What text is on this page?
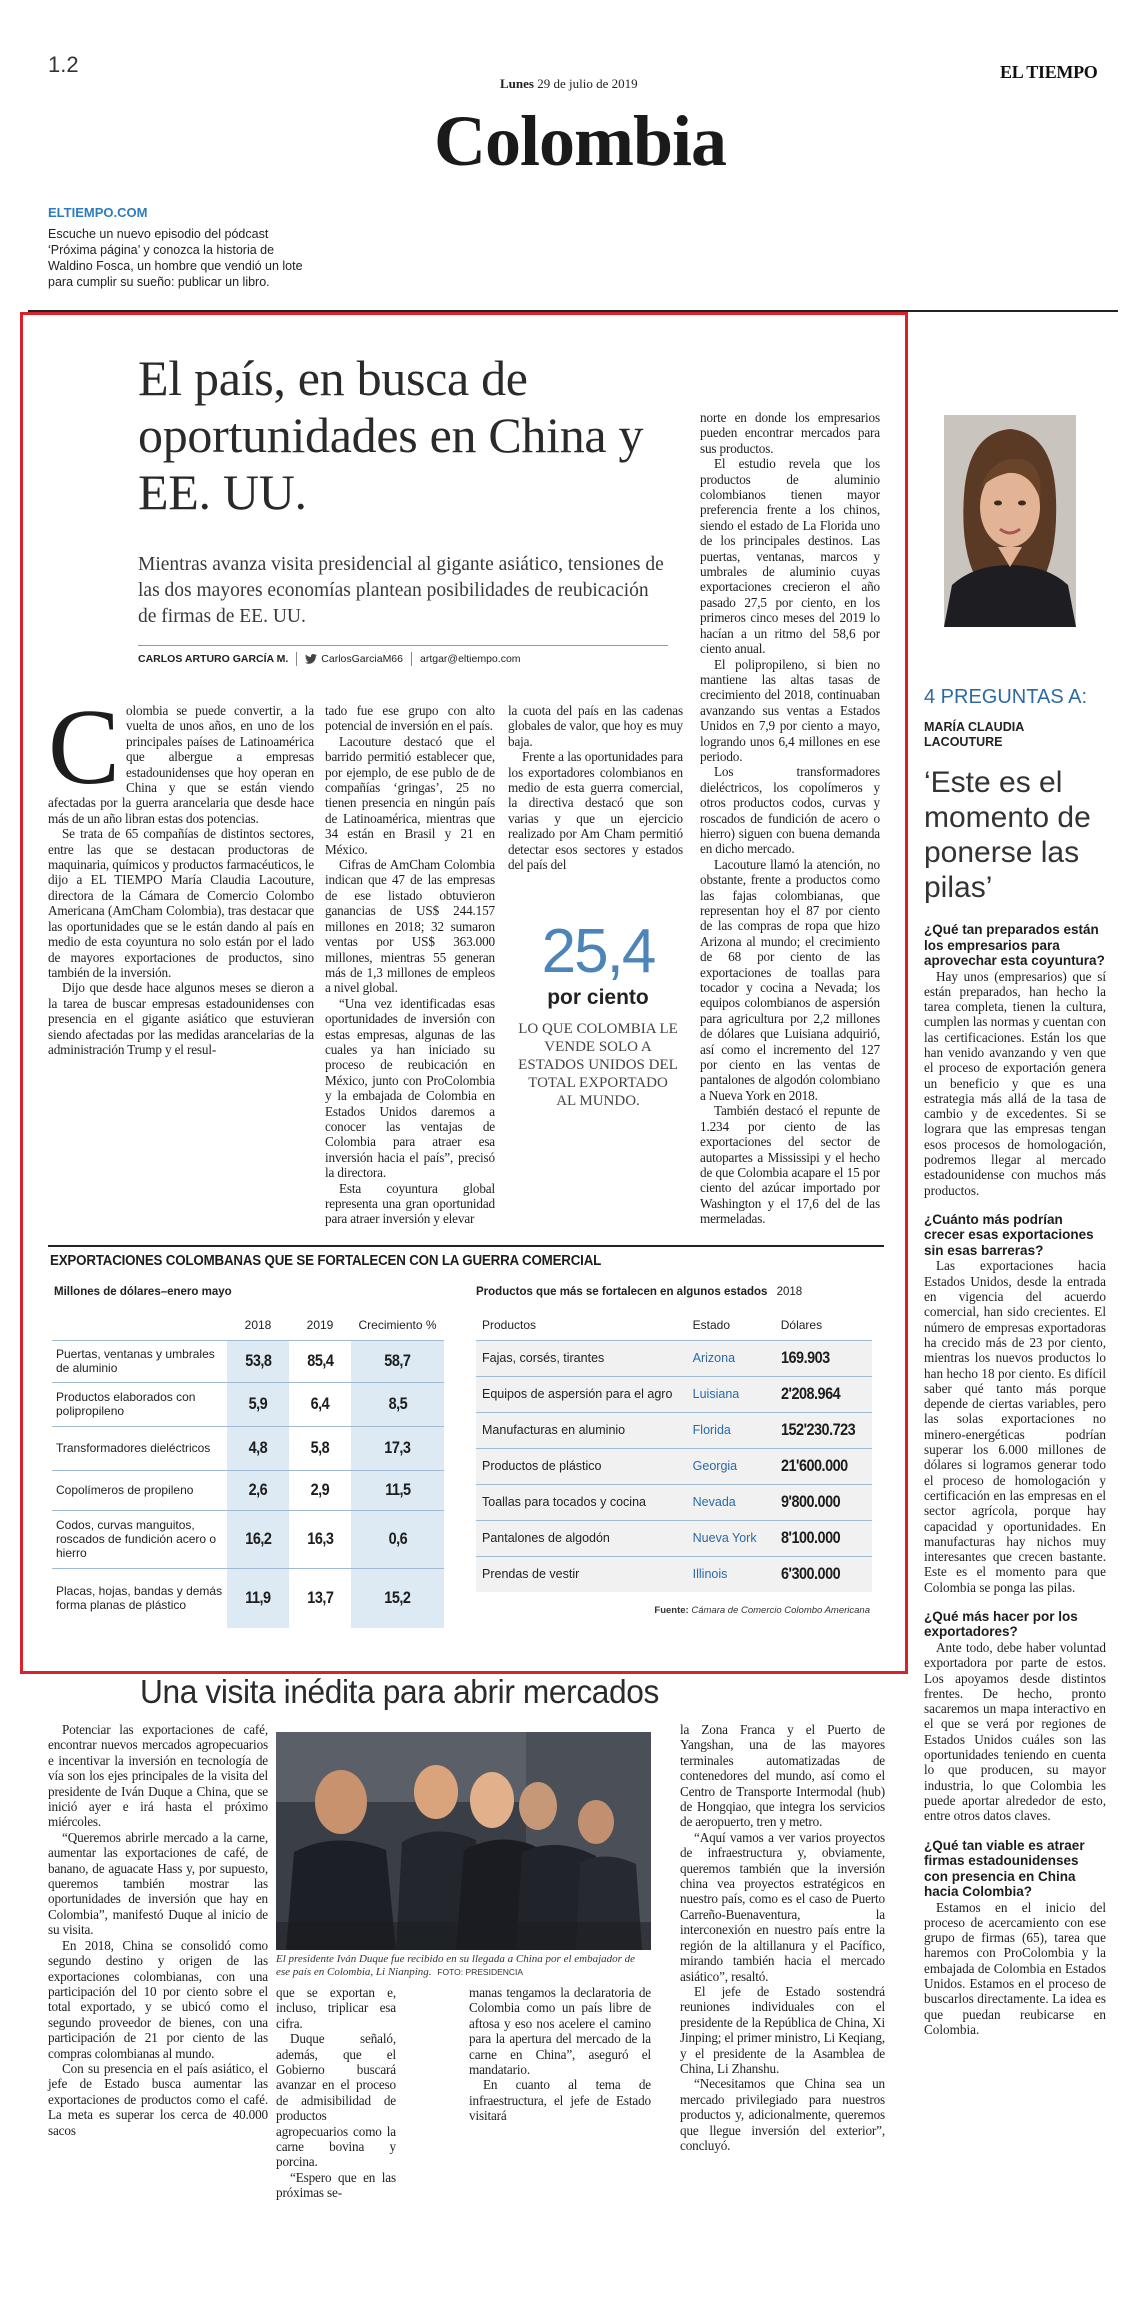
1.2
Lunes 29 de julio de 2019
EL TIEMPO
Colombia
ELTIEMPO.COM
Escuche un nuevo episodio del pódcast ‘Próxima página’ y conozca la historia de Waldino Fosca, un hombre que vendió un lote para cumplir su sueño: publicar un libro.
El país, en busca de oportunidades en China y EE. UU.
Mientras avanza visita presidencial al gigante asiático, tensiones de las dos mayores economías plantean posibilidades de reubicación de firmas de EE. UU.
CARLOS ARTURO GARCÍA M.	CarlosGarciaM66 artgar@eltiempo.com
C olombia se puede convertir, a la vuelta de unos años, en uno de los principales países de Latinoamérica que albergue a empresas estadounidenses que hoy operan en China y que se están viendo afectadas por la guerra arancelaria que desde hace más de un año libran estas dos potencias.

Se trata de 65 compañías de distintos sectores, entre las que se destacan productoras de maquinaria, químicos y productos farmacéuticos, le dijo a EL TIEMPO María Claudia Lacouture, directora de la Cámara de Comercio Colombo Americana (AmCham Colombia), tras destacar que las oportunidades que se le están dando al país en medio de esta coyuntura no solo están por el lado de mayores exportaciones de productos, sino también de la inversión.

Dijo que desde hace algunos meses se dieron a la tarea de buscar empresas estadounidenses con presencia en el gigante asiático que estuvieran siendo afectadas por las medidas arancelarias de la administración Trump y el resul-

tado fue ese grupo con alto potencial de inversión en el país.

Lacouture destacó que el barrido permitió establecer que, por ejemplo, de ese publo de de compañías ‘gringas’, 25 no tienen presencia en ningún país de Latinoamérica, mientras que 34 están en Brasil y 21 en México.

Cifras de AmCham Colombia indican que 47 de las empresas de ese listado obtuvieron ganancias de US$ 244.157 millones en 2018; 32 sumaron ventas por US$ 363.000 millones, mientras 55 generan más de 1,3 millones de empleos a nivel global.

“Una vez identificadas esas oportunidades de inversión con estas empresas, algunas de las cuales ya han iniciado su proceso de reubicación en México, junto con ProColombia y la embajada de Colombia en Estados Unidos daremos a conocer las ventajas de Colombia para atraer esa inversión hacia el país”, precisó la directora.

Esta coyuntura global representa una gran oportunidad para atraer inversión y elevar

la cuota del país en las cadenas globales de valor, que hoy es muy baja.

Frente a las oportunidades para los exportadores colombianos en medio de esta guerra comercial, la directiva destacó que son varias y que un ejercicio realizado por Am Cham permitió detectar esos sectores y estados del país del

25,4
por ciento
LO QUE COLOMBIA LE VENDE SOLO A ESTADOS UNIDOS DEL TOTAL EXPORTADO AL MUNDO.

norte en donde los empresarios pueden encontrar mercados para sus productos.

El estudio revela que los productos de aluminio colombianos tienen mayor preferencia frente a los chinos, siendo el estado de La Florida uno de los principales destinos. Las puertas, ventanas, marcos y umbrales de aluminio cuyas exportaciones crecieron el año pasado 27,5 por ciento, en los primeros cinco meses del 2019 lo hacían a un ritmo del 58,6 por ciento anual.

El polipropileno, si bien no mantiene las altas tasas de crecimiento del 2018, continuaban avanzando sus ventas a Estados Unidos en 7,9 por ciento a mayo, logrando unos 6,4 millones en ese periodo.

Los transformadores dieléctricos, los copolímeros y otros productos codos, curvas y roscados de fundición de acero o hierro) siguen con buena demanda en dicho mercado.

Lacouture llamó la atención, no obstante, frente a productos como las fajas colombianas, que representan hoy el 87 por ciento de las compras de ropa que hizo Arizona al mundo; el crecimiento de 68 por ciento de las exportaciones de toallas para tocador y cocina a Nevada; los equipos colombianos de aspersión para agricultura por 2,2 millones de dólares que Luisiana adquirió, así como el incremento del 127 por ciento en las ventas de pantalones de algodón colombiano a Nueva York en 2018.

También destacó el repunte de 1.234 por ciento de las exportaciones del sector de autopartes a Mississipi y el hecho de que Colombia acapare el 15 por ciento del azúcar importado por Washington y el 17,6 del de las mermeladas.

EXPORTACIONES COLOMBANAS QUE SE FORTALECEN CON LA GUERRA COMERCIAL
Millones de dólares–enero mayo
	2018	2019	Crecimiento %
Puertas, ventanas y umbrales de aluminio	53,8	85,4	58,7
Productos elaborados con polipropileno	5,9	6,4	8,5
Transformadores dieléctricos	4,8	5,8	17,3
Copolímeros de propileno	2,6	2,9	11,5
Codos, curvas manguitos, roscados de fundición acero o hierro	16,2	16,3	0,6
Placas, hojas, bandas y demás forma planas de plástico	11,9	13,7	15,2
Productos que más se fortalecen en algunos estados 2018
Productos	Estado	Dólares
Fajas, corsés, tirantes	Arizona	169.903
Equipos de aspersión para el agro	Luisiana	2'208.964
Manufacturas en aluminio	Florida	152'230.723
Productos de plástico	Georgia	21'600.000
Toallas para tocados y cocina	Nevada	9'800.000
Pantalones de algodón	Nueva York	8'100.000
Prendas de vestir	Illinois	6'300.000
Fuente: Cámara de Comercio Colombo Americana
4 PREGUNTAS A:
MARÍA CLAUDIA
LACOUTURE
‘Este es el momento de ponerse las pilas’
¿Qué tan preparados están los empresarios para aprovechar esta coyuntura?

Hay unos (empresarios) que sí están preparados, han hecho la tarea completa, tienen la cultura, cumplen las normas y cuentan con las certificaciones. Están los que han venido avanzando y ven que el proceso de exportación genera un beneficio y que es una estrategia más allá de la tasa de cambio y de excedentes. Si se lograra que las empresas tengan esos procesos de homologación, podremos llegar al mercado estadounidense con muchos más productos.

¿Cuánto más podrían crecer esas exportaciones sin esas barreras?

Las exportaciones hacia Estados Unidos, desde la entrada en vigencia del acuerdo comercial, han sido crecientes. El número de empresas exportadoras ha crecido más de 23 por ciento, mientras los nuevos productos lo han hecho 18 por ciento. Es difícil saber qué tanto más porque depende de ciertas variables, pero las solas exportaciones no minero-energéticas podrían superar los 6.000 millones de dólares si logramos generar todo el proceso de homologación y certificación en las empresas en el sector agrícola, porque hay capacidad y oportunidades. En manufacturas hay nichos muy interesantes que crecen bastante. Este es el momento para que Colombia se ponga las pilas.

¿Qué más hacer por los exportadores?

Ante todo, debe haber voluntad exportadora por parte de estos. Los apoyamos desde distintos frentes. De hecho, pronto sacaremos un mapa interactivo en el que se verá por regiones de Estados Unidos cuáles son las oportunidades teniendo en cuenta lo que producen, su mayor industria, lo que Colombia les puede aportar alrededor de esto, entre otros datos claves.

¿Qué tan viable es atraer firmas estadounidenses con presencia en China hacia Colombia?

Estamos en el inicio del proceso de acercamiento con ese grupo de firmas (65), tarea que haremos con ProColombia y la embajada de Colombia en Estados Unidos. Estamos en el proceso de buscarlos directamente. La idea es que puedan reubicarse en Colombia.

Una visita inédita para abrir mercados

Potenciar las exportaciones de café, encontrar nuevos mercados agropecuarios e incentivar la inversión en tecnología de vía son los ejes principales de la visita del presidente de Iván Duque a China, que se inició ayer e irá hasta el próximo miércoles.

“Queremos abrirle mercado a la carne, aumentar las exportaciones de café, de banano, de aguacate Hass y, por supuesto, queremos también mostrar las oportunidades de inversión que hay en Colombia”, manifestó Duque al inicio de su visita.

En 2018, China se consolidó como segundo destino y origen de las exportaciones colombianas, con una participación del 10 por ciento sobre el total exportado, y se ubicó como el segundo proveedor de bienes, con una participación de 21 por ciento de las compras colombianas al mundo.

Con su presencia en el país asiático, el jefe de Estado busca aumentar las exportaciones de productos como el café. La meta es superar los cerca de 40.000 sacos

El presidente Iván Duque fue recibido en su llegada a China por el embajador de ese país en Colombia, Li Nianping. FOTO: PRESIDENCIA

que se exportan e, incluso, triplicar esa cifra.

Duque señaló, además, que el Gobierno buscará avanzar en el proceso de admisibilidad de productos agropecuarios como la carne bovina y porcina.

“Espero que en las próximas se-

manas tengamos la declaratoria de Colombia como un país libre de aftosa y eso nos acelere el camino para la apertura del mercado de la carne en China”, aseguró el mandatario.

En cuanto al tema de infraestructura, el jefe de Estado visitará

la Zona Franca y el Puerto de Yangshan, una de las mayores terminales automatizadas de contenedores del mundo, así como el Centro de Transporte Intermodal (hub) de Hongqiao, que integra los servicios de aeropuerto, tren y metro.

“Aquí vamos a ver varios proyectos de infraestructura y, obviamente, queremos también que la inversión china vea proyectos estratégicos en nuestro país, como es el caso de Puerto Carreño-Buenaventura, la interconexión en nuestro país entre la región de la altillanura y el Pacífico, mirando también hacia el mercado asiático”, resaltó.

El jefe de Estado sostendrá reuniones individuales con el presidente de la República de China, Xi Jinping; el primer ministro, Li Keqiang, y el presidente de la Asamblea de China, Li Zhanshu.

“Necesitamos que China sea un mercado privilegiado para nuestros productos y, adicionalmente, queremos que llegue inversión del exterior”, concluyó.
